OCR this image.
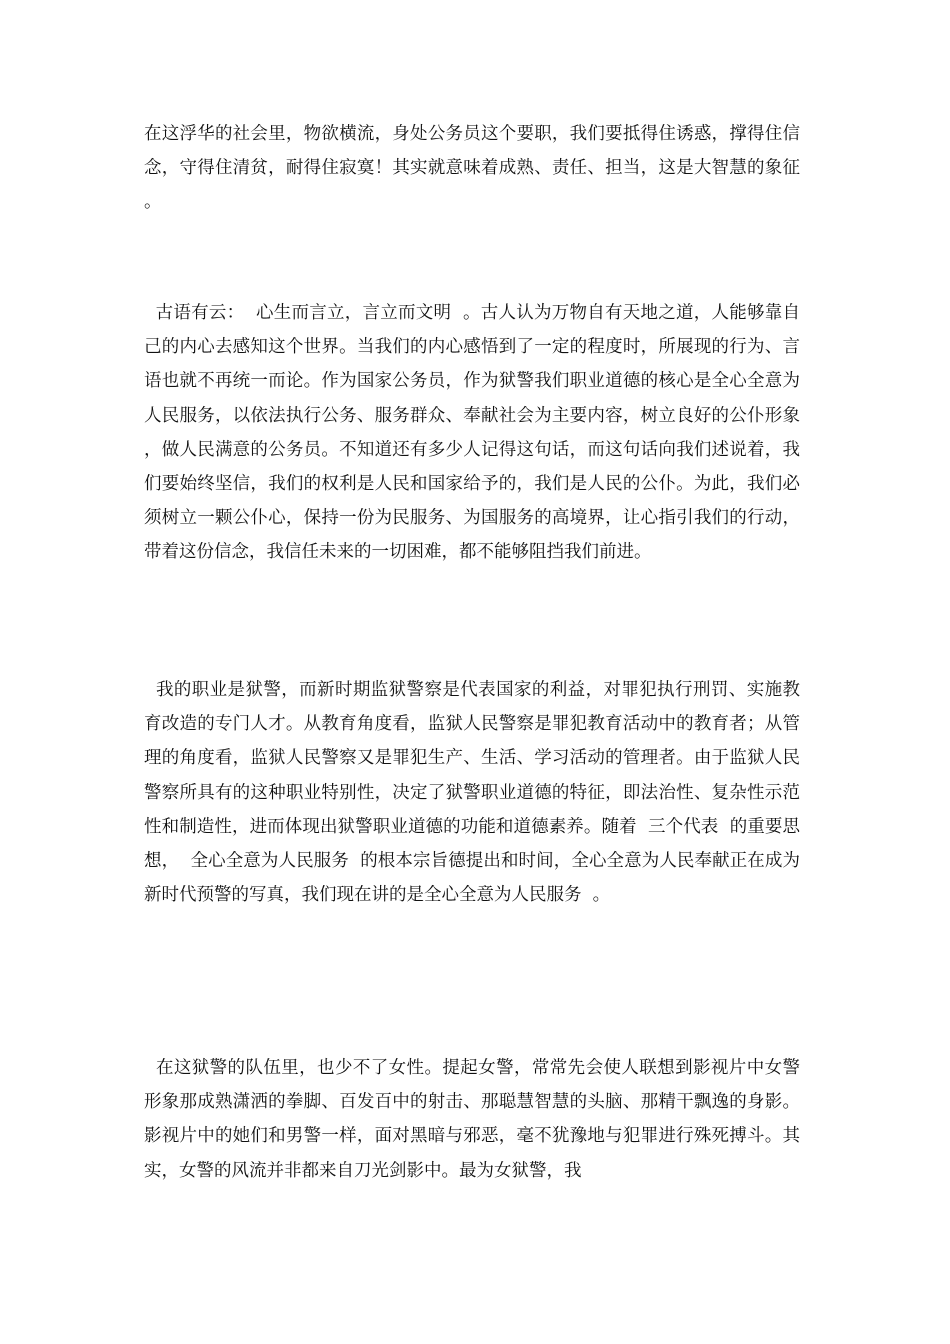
在这浮华的社会里，物欲横流，身处公务员这个要职，我们要抵得住诱惑，撑得住信念，守得住清贫，耐得住寂寞！其实就意味着成熟、责任、担当，这是大智慧的象征。

古语有云：  心生而言立，言立而文明  。古人认为万物自有天地之道，人能够靠自己的内心去感知这个世界。当我们的内心感悟到了一定的程度时，所展现的行为、言语也就不再统一而论。作为国家公务员，作为狱警我们职业道德的核心是全心全意为人民服务，以依法执行公务、服务群众、奉献社会为主要内容，树立良好的公仆形象，做人民满意的公务员。不知道还有多少人记得这句话，而这句话向我们述说着，我们要始终坚信，我们的权利是人民和国家给予的，我们是人民的公仆。为此，我们必须树立一颗公仆心，保持一份为民服务、为国服务的高境界，让心指引我们的行动，带着这份信念，我信任未来的一切困难，都不能够阻挡我们前进。

我的职业是狱警，而新时期监狱警察是代表国家的利益，对罪犯执行刑罚、实施教育改造的专门人才。从教育角度看，监狱人民警察是罪犯教育活动中的教育者；从管理的角度看，监狱人民警察又是罪犯生产、生活、学习活动的管理者。由于监狱人民警察所具有的这种职业特别性，决定了狱警职业道德的特征，即法治性、复杂性示范性和制造性，进而体现出狱警职业道德的功能和道德素养。随着  三个代表  的重要思想，  全心全意为人民服务  的根本宗旨德提出和时间，全心全意为人民奉献正在成为新时代预警的写真，我们现在讲的是全心全意为人民服务  。

在这狱警的队伍里，也少不了女性。提起女警，常常先会使人联想到影视片中女警形象那成熟潇洒的拳脚、百发百中的射击、那聪慧智慧的头脑、那精干飘逸的身影。影视片中的她们和男警一样，面对黑暗与邪恶，毫不犹豫地与犯罪进行殊死搏斗。其实，女警的风流并非都来自刀光剑影中。最为女狱警，我
